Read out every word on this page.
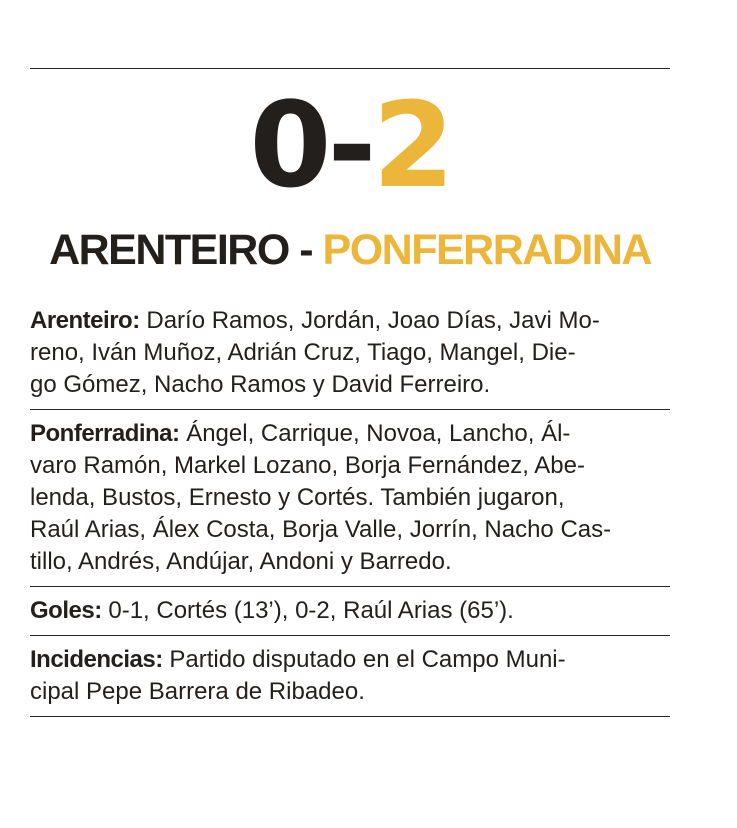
0-2
ARENTEIRO - PONFERRADINA
Arenteiro: Darío Ramos, Jordán, Joao Días, Javi Mo-
reno, Iván Muñoz, Adrián Cruz, Tiago, Mangel, Die-
go Gómez, Nacho Ramos y David Ferreiro.
Ponferradina: Ángel, Carrique, Novoa, Lancho, Ál-
varo Ramón, Markel Lozano, Borja Fernández, Abe-
lenda, Bustos, Ernesto y Cortés. También jugaron,
Raúl Arias, Álex Costa, Borja Valle, Jorrín, Nacho Cas-
tillo, Andrés, Andújar, Andoni y Barredo.
Goles: 0-1, Cortés (13’), 0-2, Raúl Arias (65’).
Incidencias: Partido disputado en el Campo Muni-
cipal Pepe Barrera de Ribadeo.
